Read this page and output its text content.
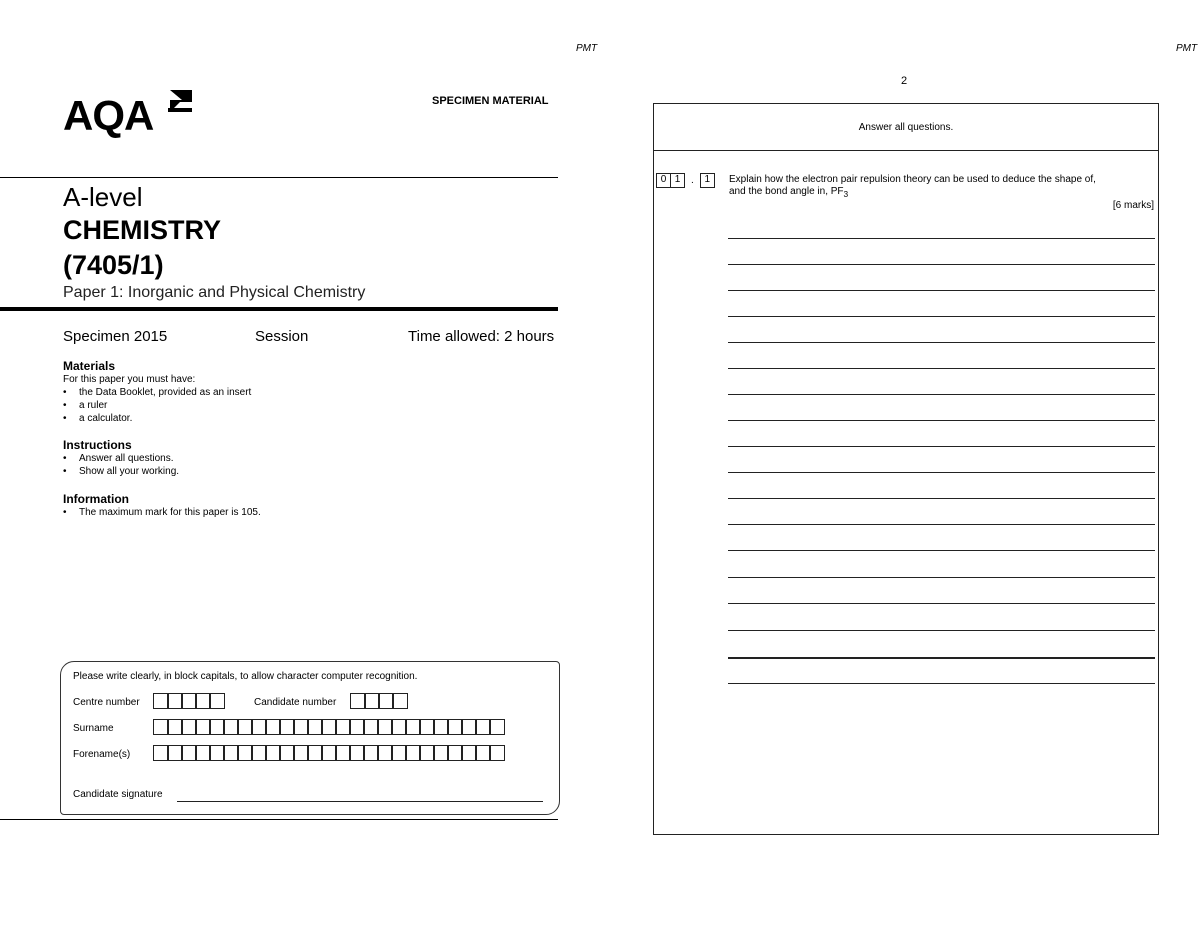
PMT	PMT
AQA	SPECIMEN MATERIAL
A-level
CHEMISTRY
(7405/1)
Paper 1: Inorganic and Physical Chemistry
Specimen 2015	Session	Time allowed: 2 hours
Materials
For this paper you must have:
• the Data Booklet, provided as an insert
• a ruler
• a calculator.
Instructions
• Answer all questions.
• Show all your working.
Information
• The maximum mark for this paper is 105.
Please write clearly, in block capitals, to allow character computer recognition.
Centre number	Candidate number
Surname
Forename(s)
Candidate signature
2
Answer all questions.
0 1	.	1	Explain how the electron pair repulsion theory can be used to deduce the shape of,
and the bond angle in, $PF_3$
[6 marks]
